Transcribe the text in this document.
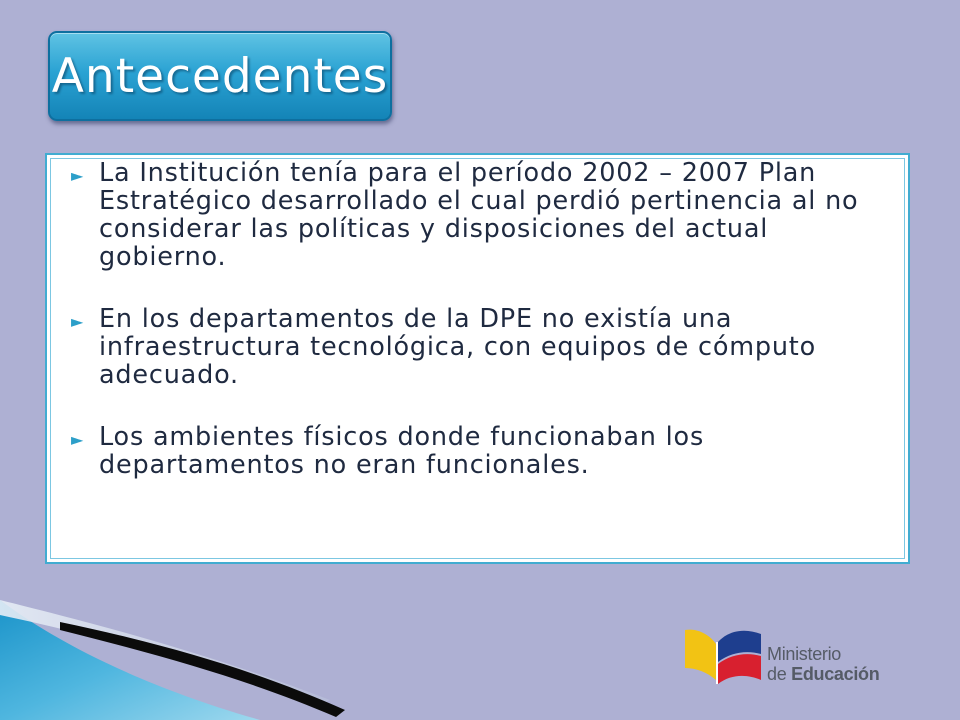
Antecedentes
► La Institución tenía para el período 2002 – 2007 Plan Estratégico desarrollado el cual perdió pertinencia al no considerar las políticas y disposiciones del actual gobierno.
► En los departamentos de la DPE no existía una infraestructura tecnológica, con equipos de cómputo adecuado.
► Los ambientes físicos donde funcionaban los departamentos no eran funcionales.
Ministerio
de Educación
